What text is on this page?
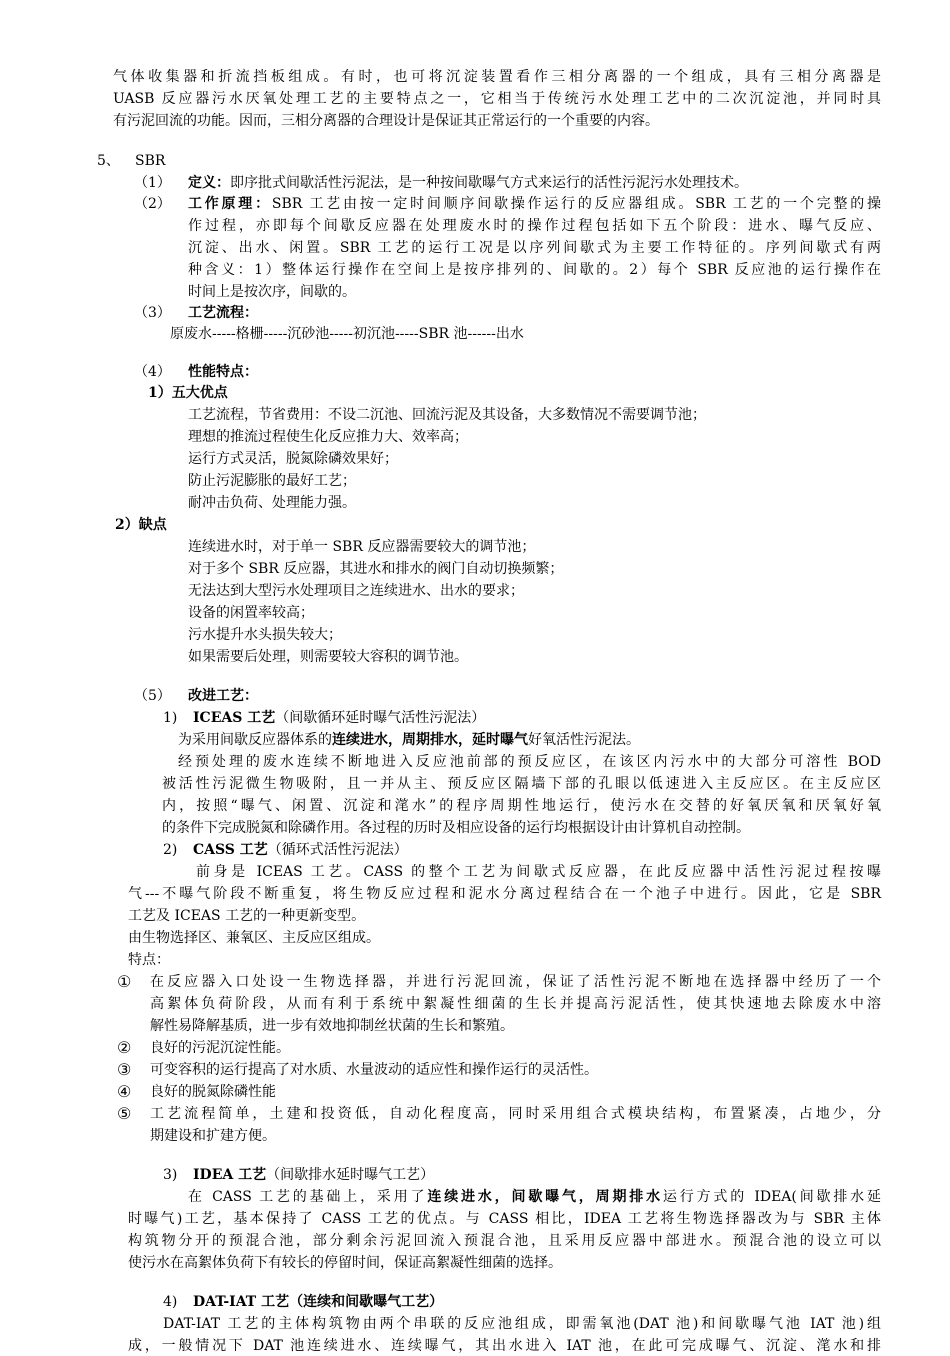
气体收集器和折流挡板组成。有时，也可将沉淀装置看作三相分离器的一个组成，具有三相分离器是
UASB 反应器污水厌氧处理工艺的主要特点之一，它相当于传统污水处理工艺中的二次沉淀池，并同时具
有污泥回流的功能。因而，三相分离器的合理设计是保证其正常运行的一个重要的内容。
5、 SBR
（1） 定义：即序批式间歇活性污泥法，是一种按间歇曝气方式来运行的活性污泥污水处理技术。
（2） 工作原理：SBR 工艺由按一定时间顺序间歇操作运行的反应器组成。SBR 工艺的一个完整的操
作过程，亦即每个间歇反应器在处理废水时的操作过程包括如下五个阶段：进水、曝气反应、
沉淀、出水、闲置。SBR 工艺的运行工况是以序列间歇式为主要工作特征的。序列间歇式有两
种含义：1）整体运行操作在空间上是按序排列的、间歇的。2）每个 SBR 反应池的运行操作在
时间上是按次序，间歇的。
（3） 工艺流程：
原废水-----格栅-----沉砂池-----初沉池-----SBR 池------出水
（4） 性能特点：
1）五大优点
工艺流程，节省费用：不设二沉池、回流污泥及其设备，大多数情况不需要调节池；
理想的推流过程使生化反应推力大、效率高；
运行方式灵活，脱氮除磷效果好；
防止污泥膨胀的最好工艺；
耐冲击负荷、处理能力强。
2）缺点
连续进水时，对于单一 SBR 反应器需要较大的调节池；
对于多个 SBR 反应器，其进水和排水的阀门自动切换频繁；
无法达到大型污水处理项目之连续进水、出水的要求；
设备的闲置率较高；
污水提升水头损失较大；
如果需要后处理，则需要较大容积的调节池。
（5） 改进工艺：
1) ICEAS 工艺（间歇循环延时曝气活性污泥法）
为采用间歇反应器体系的连续进水，周期排水，延时曝气好氧活性污泥法。
经预处理的废水连续不断地进入反应池前部的预反应区，在该区内污水中的大部分可溶性 BOD
被活性污泥微生物吸附，且一并从主、预反应区隔墙下部的孔眼以低速进入主反应区。在主反应区
内，按照“曝气、闲置、沉淀和滗水”的程序周期性地运行，使污水在交替的好氧厌氧和厌氧好氧
的条件下完成脱氮和除磷作用。各过程的历时及相应设备的运行均根据设计由计算机自动控制。
2) CASS 工艺（循环式活性污泥法）
前身是 ICEAS 工艺。CASS 的整个工艺为间歇式反应器，在此反应器中活性污泥过程按曝
气---不曝气阶段不断重复，将生物反应过程和泥水分离过程结合在一个池子中进行。因此，它是 SBR
工艺及 ICEAS 工艺的一种更新变型。
由生物选择区、兼氧区、主反应区组成。
特点：
① 在反应器入口处设一生物选择器，并进行污泥回流，保证了活性污泥不断地在选择器中经历了一个
高絮体负荷阶段，从而有利于系统中絮凝性细菌的生长并提高污泥活性，使其快速地去除废水中溶
解性易降解基质，进一步有效地抑制丝状菌的生长和繁殖。
② 良好的污泥沉淀性能。
③ 可变容积的运行提高了对水质、水量波动的适应性和操作运行的灵活性。
④ 良好的脱氮除磷性能
⑤ 工艺流程简单，土建和投资低，自动化程度高，同时采用组合式模块结构，布置紧凑，占地少，分
期建设和扩建方便。
3) IDEA 工艺（间歇排水延时曝气工艺）
在 CASS 工艺的基础上，采用了连续进水，间歇曝气，周期排水运行方式的 IDEA(间歇排水延
时曝气)工艺，基本保持了 CASS 工艺的优点。与 CASS 相比，IDEA 工艺将生物选择器改为与 SBR 主体
构筑物分开的预混合池，部分剩余污泥回流入预混合池，且采用反应器中部进水。预混合池的设立可以
使污水在高絮体负荷下有较长的停留时间，保证高絮凝性细菌的选择。
4) DAT-IAT 工艺（连续和间歇曝气工艺）
DAT-IAT 工艺的主体构筑物由两个串联的反应池组成，即需氧池(DAT 池)和间歇曝气池 IAT 池)组
成，一般情况下 DAT 池连续进水、连续曝气，其出水进入 IAT 池，在此可完成曝气、沉淀、滗水和排
